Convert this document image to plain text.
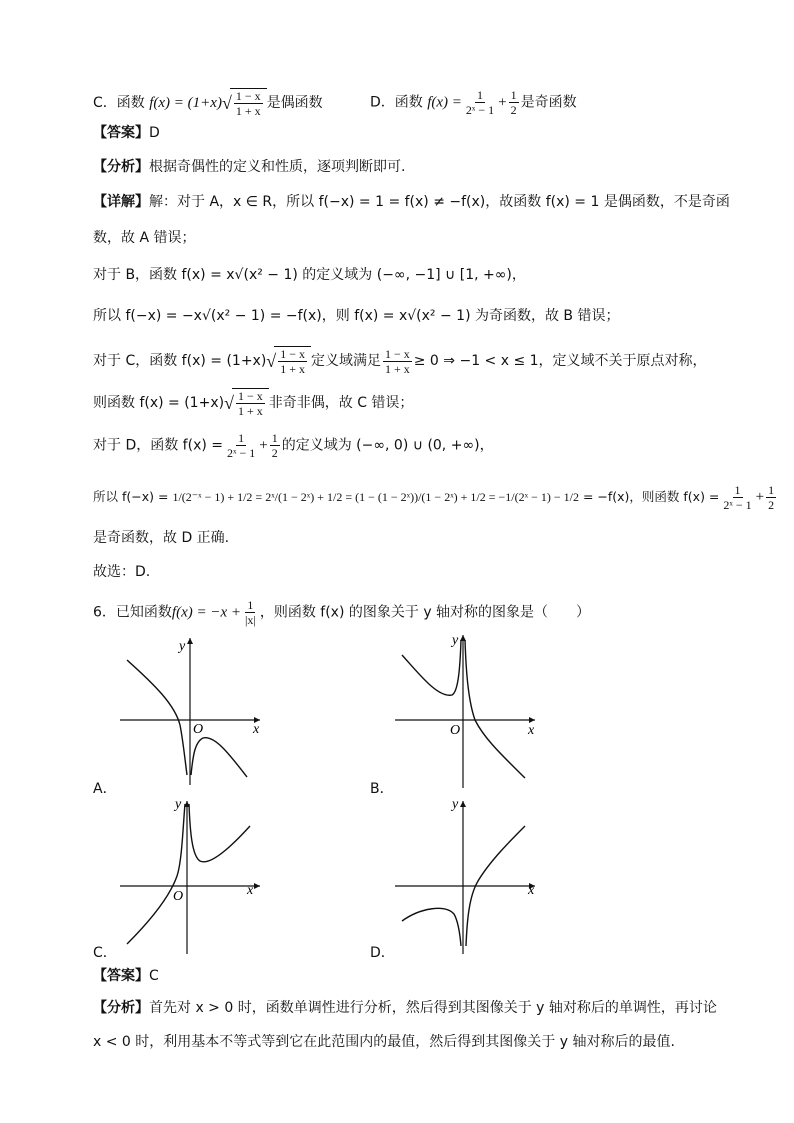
C．函数 $f(x) = (1+x)√ \frac{1 - x}{1 + x}$ 是偶函数	D．函数 $f(x) = \frac{1}{\text{2ˣ − 1}} + \frac{1}{2}$ 是奇函数
【答案】D
【分析】根据奇偶性的定义和性质，逐项判断即可.
【详解】解：对于 A，x ∈ R，所以 f(−x) = 1 = f(x) ≠ −f(x)，故函数 f(x) = 1 是偶函数，不是奇函
数，故 A 错误；
对于 B，函数 f(x) = x√(x² − 1) 的定义域为 (−∞, −1] ∪ [1, +∞)，
所以 f(−x) = −x√(x² − 1) = −f(x)，则 f(x) = x√(x² − 1) 为奇函数，故 B 错误；
对于 C，函数 $f(x) = (1+x)√ \frac{1 - x}{1 + x}$ 定义域满足 $\frac{1 - x}{1 + x} \ge 0$ ⇒ −1 < x ≤ 1，定义域不关于原点对称，
则函数 $f(x) = (1+x)√ \frac{1 - x}{1 + x}$ 非奇非偶，故 C 错误；
对于 D，函数 $f(x) = \frac{1}{\text{2ˣ − 1}} + \frac{1}{2}$ 的定义域为 (−∞, 0) ∪ (0, +∞)，
所以 f(−x) = 1/(2⁻ˣ − 1) + 1/2 = 2ˣ/(1 − 2ˣ) + 1/2 = (1 − (1 − 2ˣ))/(1 − 2ˣ) + 1/2 = −1/(2ˣ − 1) − 1/2 = −f(x)，则函数 $f(x) = \frac{1}{\text{2ˣ − 1}} + \frac{1}{2}$
是奇函数，故 D 正确.
故选：D.
6．已知函数$f(x) = -x + \frac{1}{|x|}$ ，则函数 f(x) 的图象关于 y 轴对称的图象是（　　）
y
x
O
A．
y
x
O
B．
y
x
O
C．
y
x
D．
【答案】C
【分析】首先对 x > 0 时，函数单调性进行分析，然后得到其图像关于 y 轴对称后的单调性，再讨论
x < 0 时，利用基本不等式等到它在此范围内的最值，然后得到其图像关于 y 轴对称后的最值.
